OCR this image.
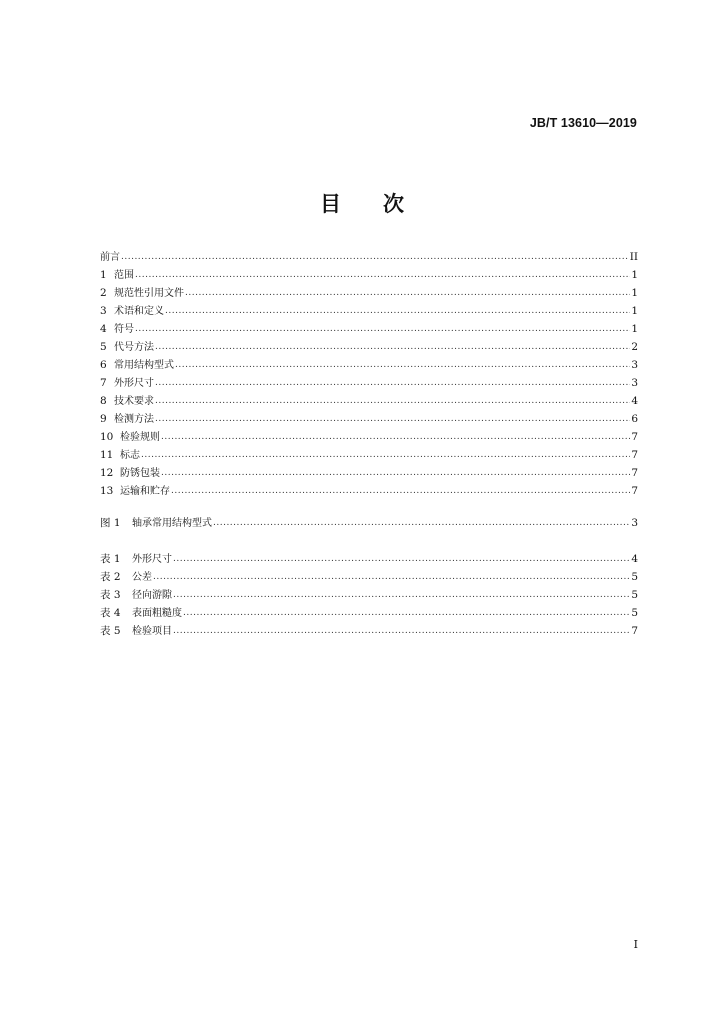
JB/T 13610—2019
目　　次
前言 .....	II
1 范围 .....	1
2 规范性引用文件 .....	1
3 术语和定义 .....	1
4 符号 .....	1
5 代号方法 .....	2
6 常用结构型式 .....	3
7 外形尺寸 .....	3
8 技术要求 .....	4
9 检测方法 .....	6
10 检验规则 .....	7
11 标志 .....	7
12 防锈包装 .....	7
13 运输和贮存 .....	7
图 1	轴承常用结构型式 .....	3
表 1	外形尺寸 .....	4
表 2	公差 .....	5
表 3	径向游隙 .....	5
表 4	表面粗糙度 .....	5
表 5	检验项目 .....	7
I
